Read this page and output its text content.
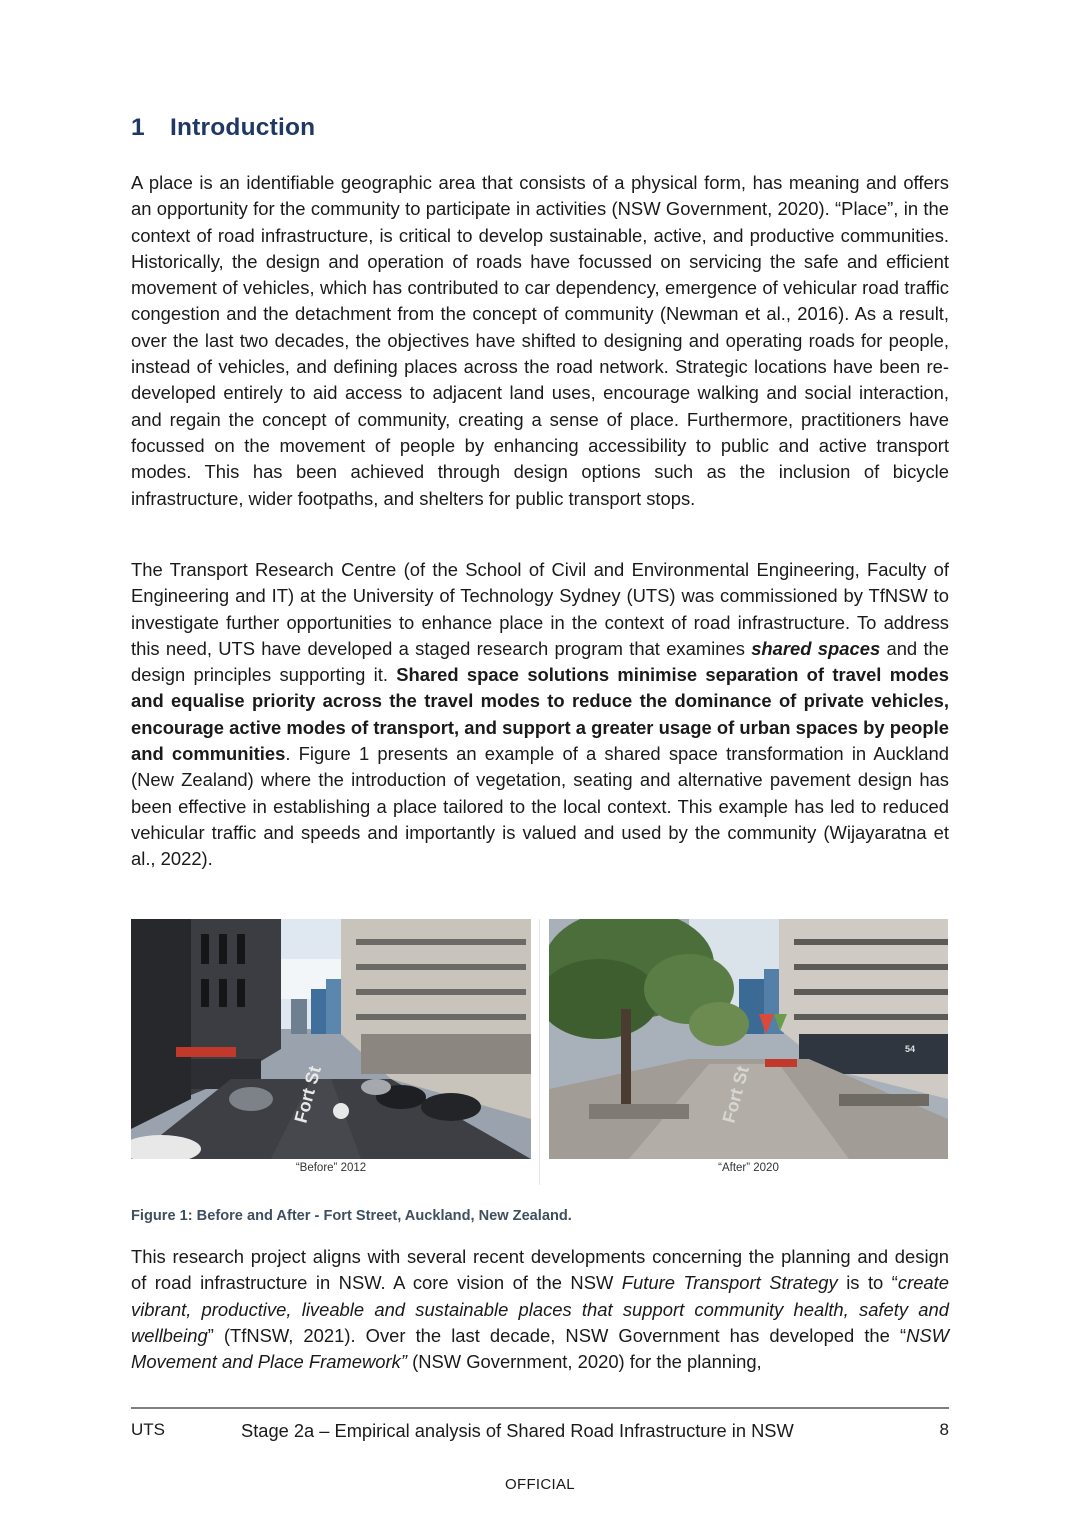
1 Introduction

A place is an identifiable geographic area that consists of a physical form, has meaning and offers an opportunity for the community to participate in activities (NSW Government, 2020). “Place”, in the context of road infrastructure, is critical to develop sustainable, active, and productive communities. Historically, the design and operation of roads have focussed on servicing the safe and efficient movement of vehicles, which has contributed to car dependency, emergence of vehicular road traffic congestion and the detachment from the concept of community (Newman et al., 2016). As a result, over the last two decades, the objectives have shifted to designing and operating roads for people, instead of vehicles, and defining places across the road network. Strategic locations have been re-developed entirely to aid access to adjacent land uses, encourage walking and social interaction, and regain the concept of community, creating a sense of place. Furthermore, practitioners have focussed on the movement of people by enhancing accessibility to public and active transport modes. This has been achieved through design options such as the inclusion of bicycle infrastructure, wider footpaths, and shelters for public transport stops.

The Transport Research Centre (of the School of Civil and Environmental Engineering, Faculty of Engineering and IT) at the University of Technology Sydney (UTS) was commissioned by TfNSW to investigate further opportunities to enhance place in the context of road infrastructure. To address this need, UTS have developed a staged research program that examines shared spaces and the design principles supporting it. Shared space solutions minimise separation of travel modes and equalise priority across the travel modes to reduce the dominance of private vehicles, encourage active modes of transport, and support a greater usage of urban spaces by people and communities. Figure 1 presents an example of a shared space transformation in Auckland (New Zealand) where the introduction of vegetation, seating and alternative pavement design has been effective in establishing a place tailored to the local context. This example has led to reduced vehicular traffic and speeds and importantly is valued and used by the community (Wijayaratna et al., 2022).

Fort St
54
Fort St
“Before” 2012	“After” 2020

Figure 1: Before and After - Fort Street, Auckland, New Zealand.

This research project aligns with several recent developments concerning the planning and design of road infrastructure in NSW. A core vision of the NSW Future Transport Strategy is to “create vibrant, productive, liveable and sustainable places that support community health, safety and wellbeing” (TfNSW, 2021). Over the last decade, NSW Government has developed the “NSW Movement and Place Framework” (NSW Government, 2020) for the planning,

UTS	Stage 2a – Empirical analysis of Shared Road Infrastructure in NSW	8
OFFICIAL
